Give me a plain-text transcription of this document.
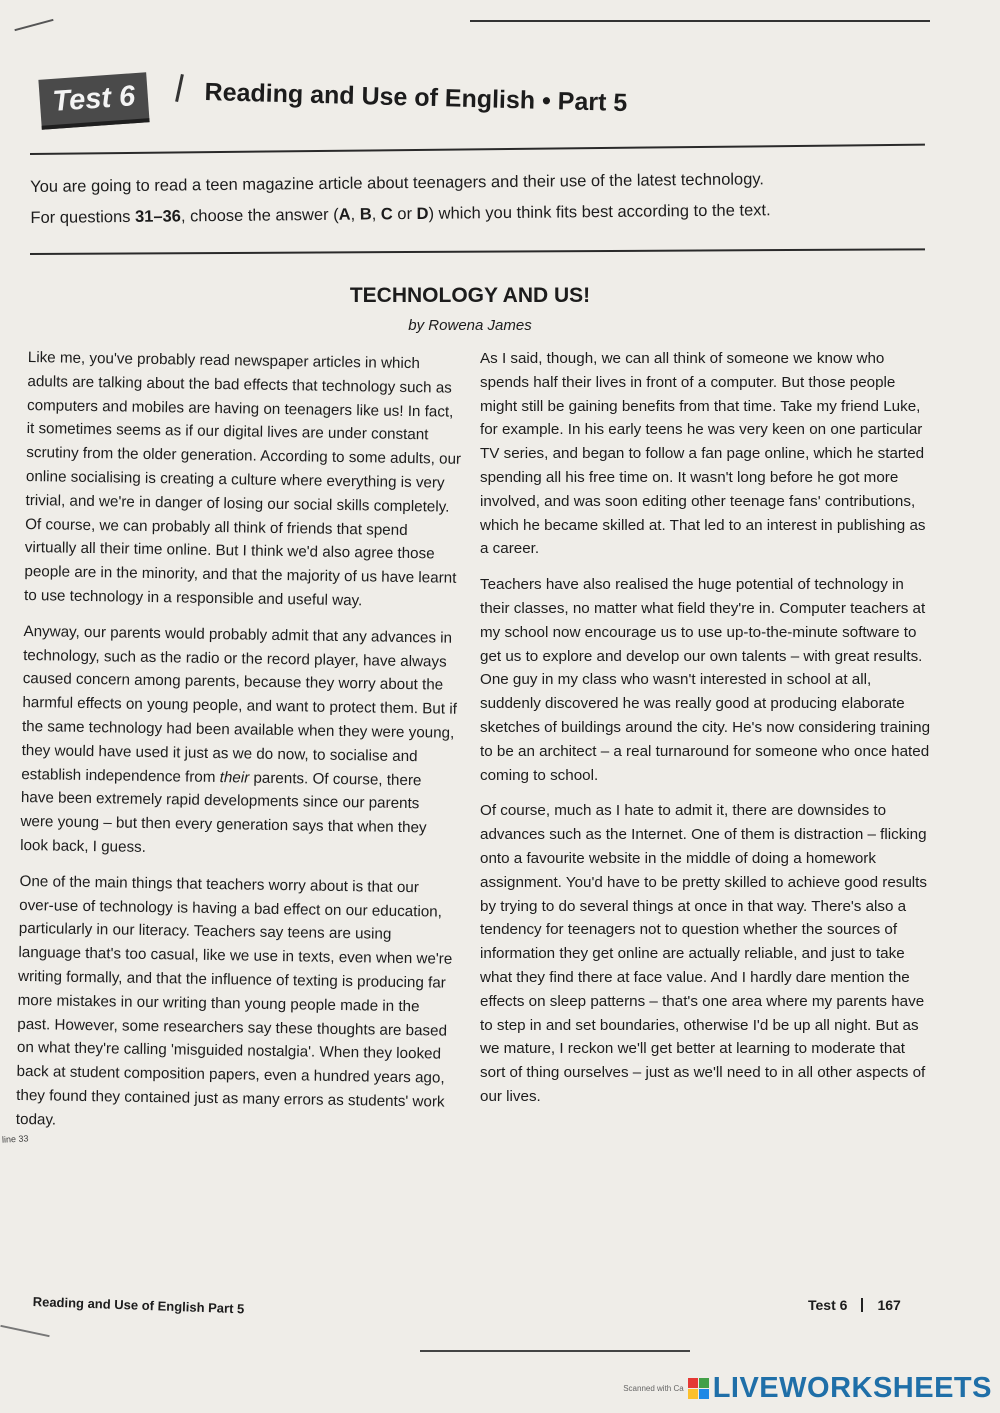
Test 6	Reading and Use of English • Part 5

You are going to read a teen magazine article about teenagers and their use of the latest technology.

For questions 31–36, choose the answer (A, B, C or D) which you think fits best according to the text.

TECHNOLOGY AND US!
by Rowena James

Like me, you've probably read newspaper articles in which adults are talking about the bad effects that technology such as computers and mobiles are having on teenagers like us! In fact, it sometimes seems as if our digital lives are under constant scrutiny from the older generation. According to some adults, our online socialising is creating a culture where everything is very trivial, and we're in danger of losing our social skills completely. Of course, we can probably all think of friends that spend virtually all their time online. But I think we'd also agree those people are in the minority, and that the majority of us have learnt to use technology in a responsible and useful way.

Anyway, our parents would probably admit that any advances in technology, such as the radio or the record player, have always caused concern among parents, because they worry about the harmful effects on young people, and want to protect them. But if the same technology had been available when they were young, they would have used it just as we do now, to socialise and establish independence from their parents. Of course, there have been extremely rapid developments since our parents were young – but then every generation says that when they look back, I guess.

One of the main things that teachers worry about is that our over-use of technology is having a bad effect on our education, particularly in our literacy. Teachers say teens are using language that's too casual, like we use in texts, even when we're writing formally, and that the influence of texting is producing far more mistakes in our writing than young people made in the past. However, some researchers say these thoughts are based on what they're calling 'misguided nostalgia'. When they looked back at student composition papers, even a hundred years ago, they found they contained just as many errors as students' work today.

line 33

As I said, though, we can all think of someone we know who spends half their lives in front of a computer. But those people might still be gaining benefits from that time. Take my friend Luke, for example. In his early teens he was very keen on one particular TV series, and began to follow a fan page online, which he started spending all his free time on. It wasn't long before he got more involved, and was soon editing other teenage fans' contributions, which he became skilled at. That led to an interest in publishing as a career.

Teachers have also realised the huge potential of technology in their classes, no matter what field they're in. Computer teachers at my school now encourage us to use up-to-the-minute software to get us to explore and develop our own talents – with great results. One guy in my class who wasn't interested in school at all, suddenly discovered he was really good at producing elaborate sketches of buildings around the city. He's now considering training to be an architect – a real turnaround for someone who once hated coming to school.

Of course, much as I hate to admit it, there are downsides to advances such as the Internet. One of them is distraction – flicking onto a favourite website in the middle of doing a homework assignment. You'd have to be pretty skilled to achieve good results by trying to do several things at once in that way. There's also a tendency for teenagers not to question whether the sources of information they get online are actually reliable, and just to take what they find there at face value. And I hardly dare mention the effects on sleep patterns – that's one area where my parents have to step in and set boundaries, otherwise I'd be up all night. But as we mature, I reckon we'll get better at learning to moderate that sort of thing ourselves – just as we'll need to in all other aspects of our lives.

Reading and Use of English Part 5	Test 6 167
Scanned with Ca LIVEWORKSHEETS
